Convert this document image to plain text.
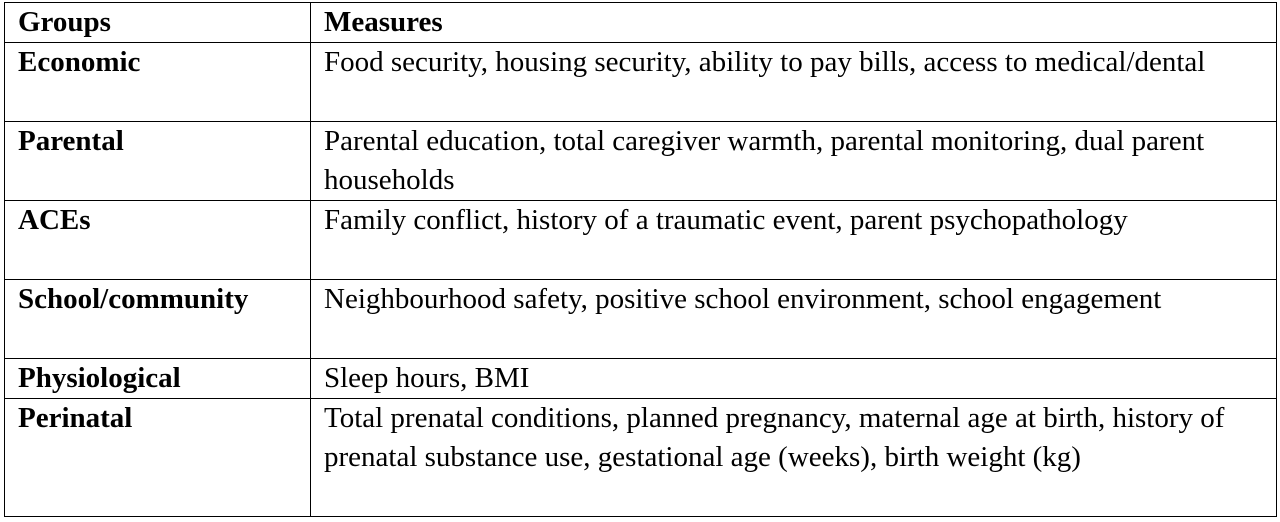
Groups	Measures
Economic	Food security, housing security, ability to pay bills, access to medical/dental
Parental	Parental education, total caregiver warmth, parental monitoring, dual parent households
ACEs	Family conflict, history of a traumatic event, parent psychopathology
School/community	Neighbourhood safety, positive school environment, school engagement
Physiological	Sleep hours, BMI
Perinatal	Total prenatal conditions, planned pregnancy, maternal age at birth, history of prenatal substance use, gestational age (weeks), birth weight (kg)
